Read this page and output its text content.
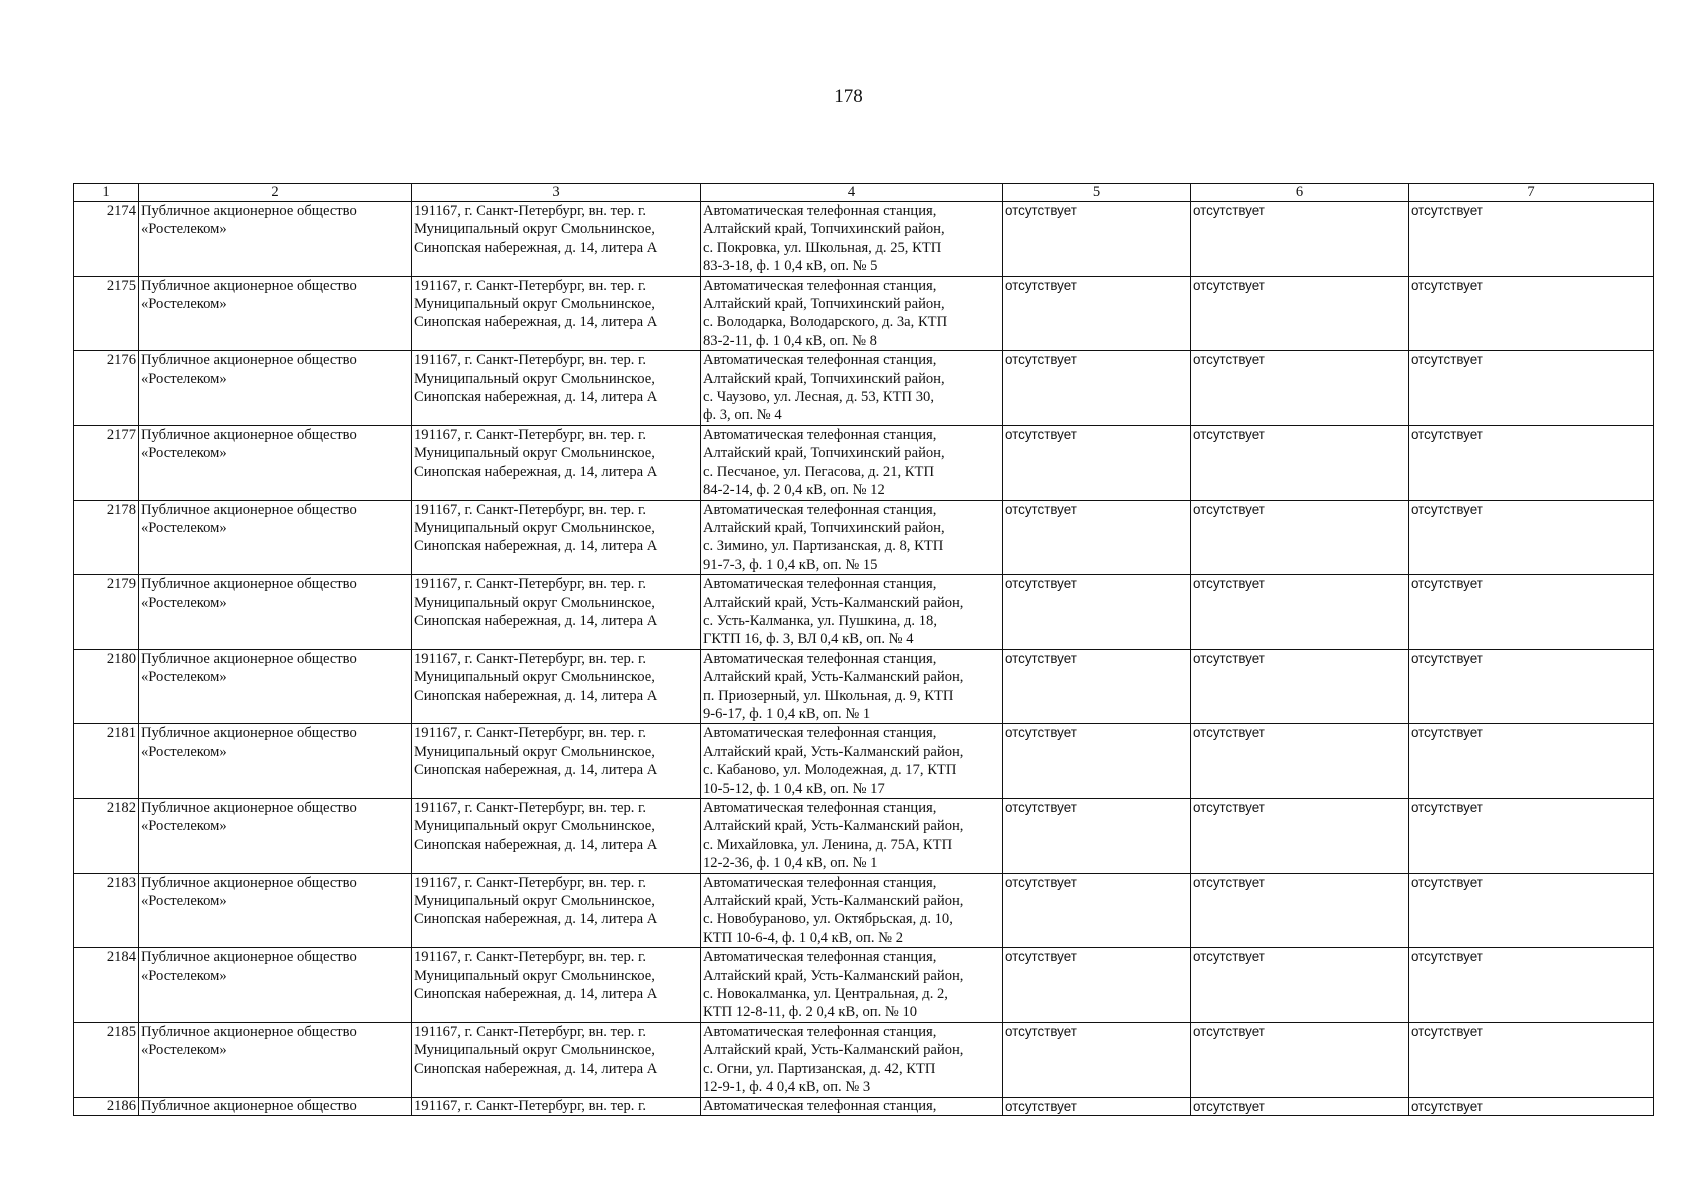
178
1	2	3	4	5	6	7
2174	Публичное акционерное общество
«Ростелеком»	191167, г. Санкт-Петербург, вн. тер. г.
Муниципальный округ Смольнинское,
Синопская набережная, д. 14, литера А	Автоматическая телефонная станция,
Алтайский край, Топчихинский район,
с. Покровка, ул. Школьная, д. 25, КТП
83-3-18, ф. 1 0,4 кВ, оп. № 5	отсутствует	отсутствует	отсутствует
2175	Публичное акционерное общество
«Ростелеком»	191167, г. Санкт-Петербург, вн. тер. г.
Муниципальный округ Смольнинское,
Синопская набережная, д. 14, литера А	Автоматическая телефонная станция,
Алтайский край, Топчихинский район,
с. Володарка, Володарского, д. 3а, КТП
83-2-11, ф. 1 0,4 кВ, оп. № 8	отсутствует	отсутствует	отсутствует
2176	Публичное акционерное общество
«Ростелеком»	191167, г. Санкт-Петербург, вн. тер. г.
Муниципальный округ Смольнинское,
Синопская набережная, д. 14, литера А	Автоматическая телефонная станция,
Алтайский край, Топчихинский район,
с. Чаузово, ул. Лесная, д. 53, КТП 30,
ф. 3, оп. № 4	отсутствует	отсутствует	отсутствует
2177	Публичное акционерное общество
«Ростелеком»	191167, г. Санкт-Петербург, вн. тер. г.
Муниципальный округ Смольнинское,
Синопская набережная, д. 14, литера А	Автоматическая телефонная станция,
Алтайский край, Топчихинский район,
с. Песчаное, ул. Пегасова, д. 21, КТП
84-2-14, ф. 2 0,4 кВ, оп. № 12	отсутствует	отсутствует	отсутствует
2178	Публичное акционерное общество
«Ростелеком»	191167, г. Санкт-Петербург, вн. тер. г.
Муниципальный округ Смольнинское,
Синопская набережная, д. 14, литера А	Автоматическая телефонная станция,
Алтайский край, Топчихинский район,
с. Зимино, ул. Партизанская, д. 8, КТП
91-7-3, ф. 1 0,4 кВ, оп. № 15	отсутствует	отсутствует	отсутствует
2179	Публичное акционерное общество
«Ростелеком»	191167, г. Санкт-Петербург, вн. тер. г.
Муниципальный округ Смольнинское,
Синопская набережная, д. 14, литера А	Автоматическая телефонная станция,
Алтайский край, Усть-Калманский район,
с. Усть-Калманка, ул. Пушкина, д. 18,
ГКТП 16, ф. 3, ВЛ 0,4 кВ, оп. № 4	отсутствует	отсутствует	отсутствует
2180	Публичное акционерное общество
«Ростелеком»	191167, г. Санкт-Петербург, вн. тер. г.
Муниципальный округ Смольнинское,
Синопская набережная, д. 14, литера А	Автоматическая телефонная станция,
Алтайский край, Усть-Калманский район,
п. Приозерный, ул. Школьная, д. 9, КТП
9-6-17, ф. 1 0,4 кВ, оп. № 1	отсутствует	отсутствует	отсутствует
2181	Публичное акционерное общество
«Ростелеком»	191167, г. Санкт-Петербург, вн. тер. г.
Муниципальный округ Смольнинское,
Синопская набережная, д. 14, литера А	Автоматическая телефонная станция,
Алтайский край, Усть-Калманский район,
с. Кабаново, ул. Молодежная, д. 17, КТП
10-5-12, ф. 1 0,4 кВ, оп. № 17	отсутствует	отсутствует	отсутствует
2182	Публичное акционерное общество
«Ростелеком»	191167, г. Санкт-Петербург, вн. тер. г.
Муниципальный округ Смольнинское,
Синопская набережная, д. 14, литера А	Автоматическая телефонная станция,
Алтайский край, Усть-Калманский район,
с. Михайловка, ул. Ленина, д. 75А, КТП
12-2-36, ф. 1 0,4 кВ, оп. № 1	отсутствует	отсутствует	отсутствует
2183	Публичное акционерное общество
«Ростелеком»	191167, г. Санкт-Петербург, вн. тер. г.
Муниципальный округ Смольнинское,
Синопская набережная, д. 14, литера А	Автоматическая телефонная станция,
Алтайский край, Усть-Калманский район,
с. Новобураново, ул. Октябрьская, д. 10,
КТП 10-6-4, ф. 1 0,4 кВ, оп. № 2	отсутствует	отсутствует	отсутствует
2184	Публичное акционерное общество
«Ростелеком»	191167, г. Санкт-Петербург, вн. тер. г.
Муниципальный округ Смольнинское,
Синопская набережная, д. 14, литера А	Автоматическая телефонная станция,
Алтайский край, Усть-Калманский район,
с. Новокалманка, ул. Центральная, д. 2,
КТП 12-8-11, ф. 2 0,4 кВ, оп. № 10	отсутствует	отсутствует	отсутствует
2185	Публичное акционерное общество
«Ростелеком»	191167, г. Санкт-Петербург, вн. тер. г.
Муниципальный округ Смольнинское,
Синопская набережная, д. 14, литера А	Автоматическая телефонная станция,
Алтайский край, Усть-Калманский район,
с. Огни, ул. Партизанская, д. 42, КТП
12-9-1, ф. 4 0,4 кВ, оп. № 3	отсутствует	отсутствует	отсутствует
2186	Публичное акционерное общество	191167, г. Санкт-Петербург, вн. тер. г.	Автоматическая телефонная станция,	отсутствует	отсутствует	отсутствует
